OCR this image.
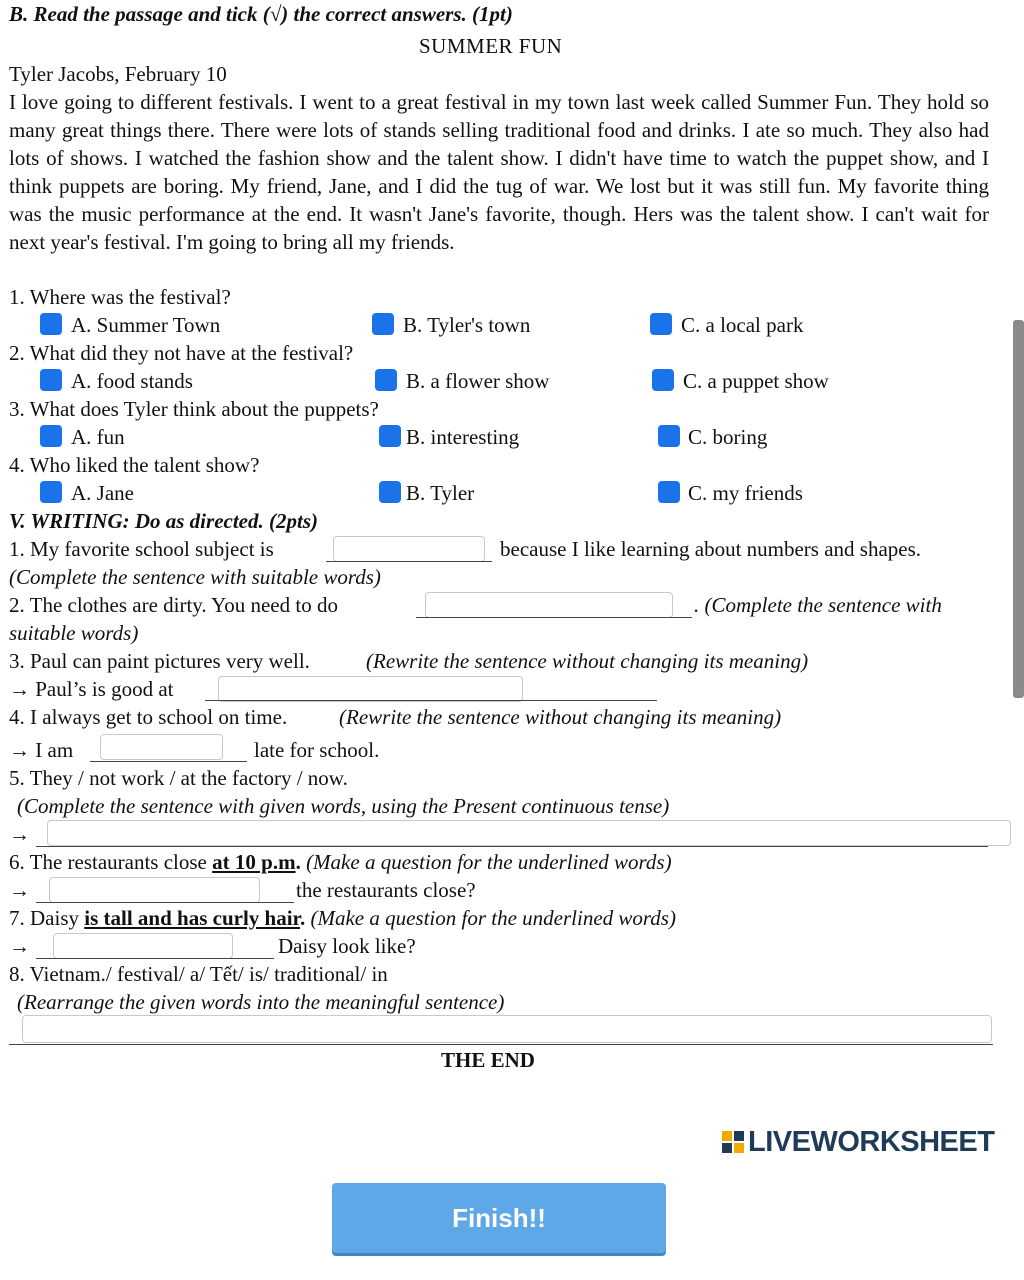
B. Read the passage and tick (√) the correct answers. (1pt)
SUMMER FUN
Tyler Jacobs, February 10

I love going to different festivals. I went to a great festival in my town last week called Summer Fun. They hold so many great things there. There were lots of stands selling traditional food and drinks. I ate so much. They also had lots of shows. I watched the fashion show and the talent show. I didn't have time to watch the puppet show, and I think puppets are boring. My friend, Jane, and I did the tug of war. We lost but it was still fun. My favorite thing was the music performance at the end. It wasn't Jane's favorite, though. Hers was the talent show. I can't wait for next year's festival. I'm going to bring all my friends.

1. Where was the festival?
A. Summer Town	B. Tyler's town	C. a local park
2. What did they not have at the festival?
A. food stands	B. a flower show	C. a puppet show
3. What does Tyler think about the puppets?
A. fun	B. interesting	C. boring
4. Who liked the talent show?
A. Jane	B. Tyler	C. my friends
V. WRITING: Do as directed. (2pts)
1. My favorite school subject is	because I like learning about numbers and shapes.
(Complete the sentence with suitable words)
2. The clothes are dirty. You need to do	. (Complete the sentence with
suitable words)
3. Paul can paint pictures very well.	(Rewrite the sentence without changing its meaning)
→ Paul’s is good at
4. I always get to school on time. (Rewrite the sentence without changing its meaning)
→ I am	late for school.
5. They / not work / at the factory / now.
(Complete the sentence with given words, using the Present continuous tense)
→
6. The restaurants close at 10 p.m. (Make a question for the underlined words)
→	the restaurants close?
7. Daisy is tall and has curly hair. (Make a question for the underlined words)
→	Daisy look like?
8. Vietnam./ festival/ a/ Tết/ is/ traditional/ in
(Rearrange the given words into the meaningful sentence)
THE END
LIVEWORKSHEET
Finish!!
